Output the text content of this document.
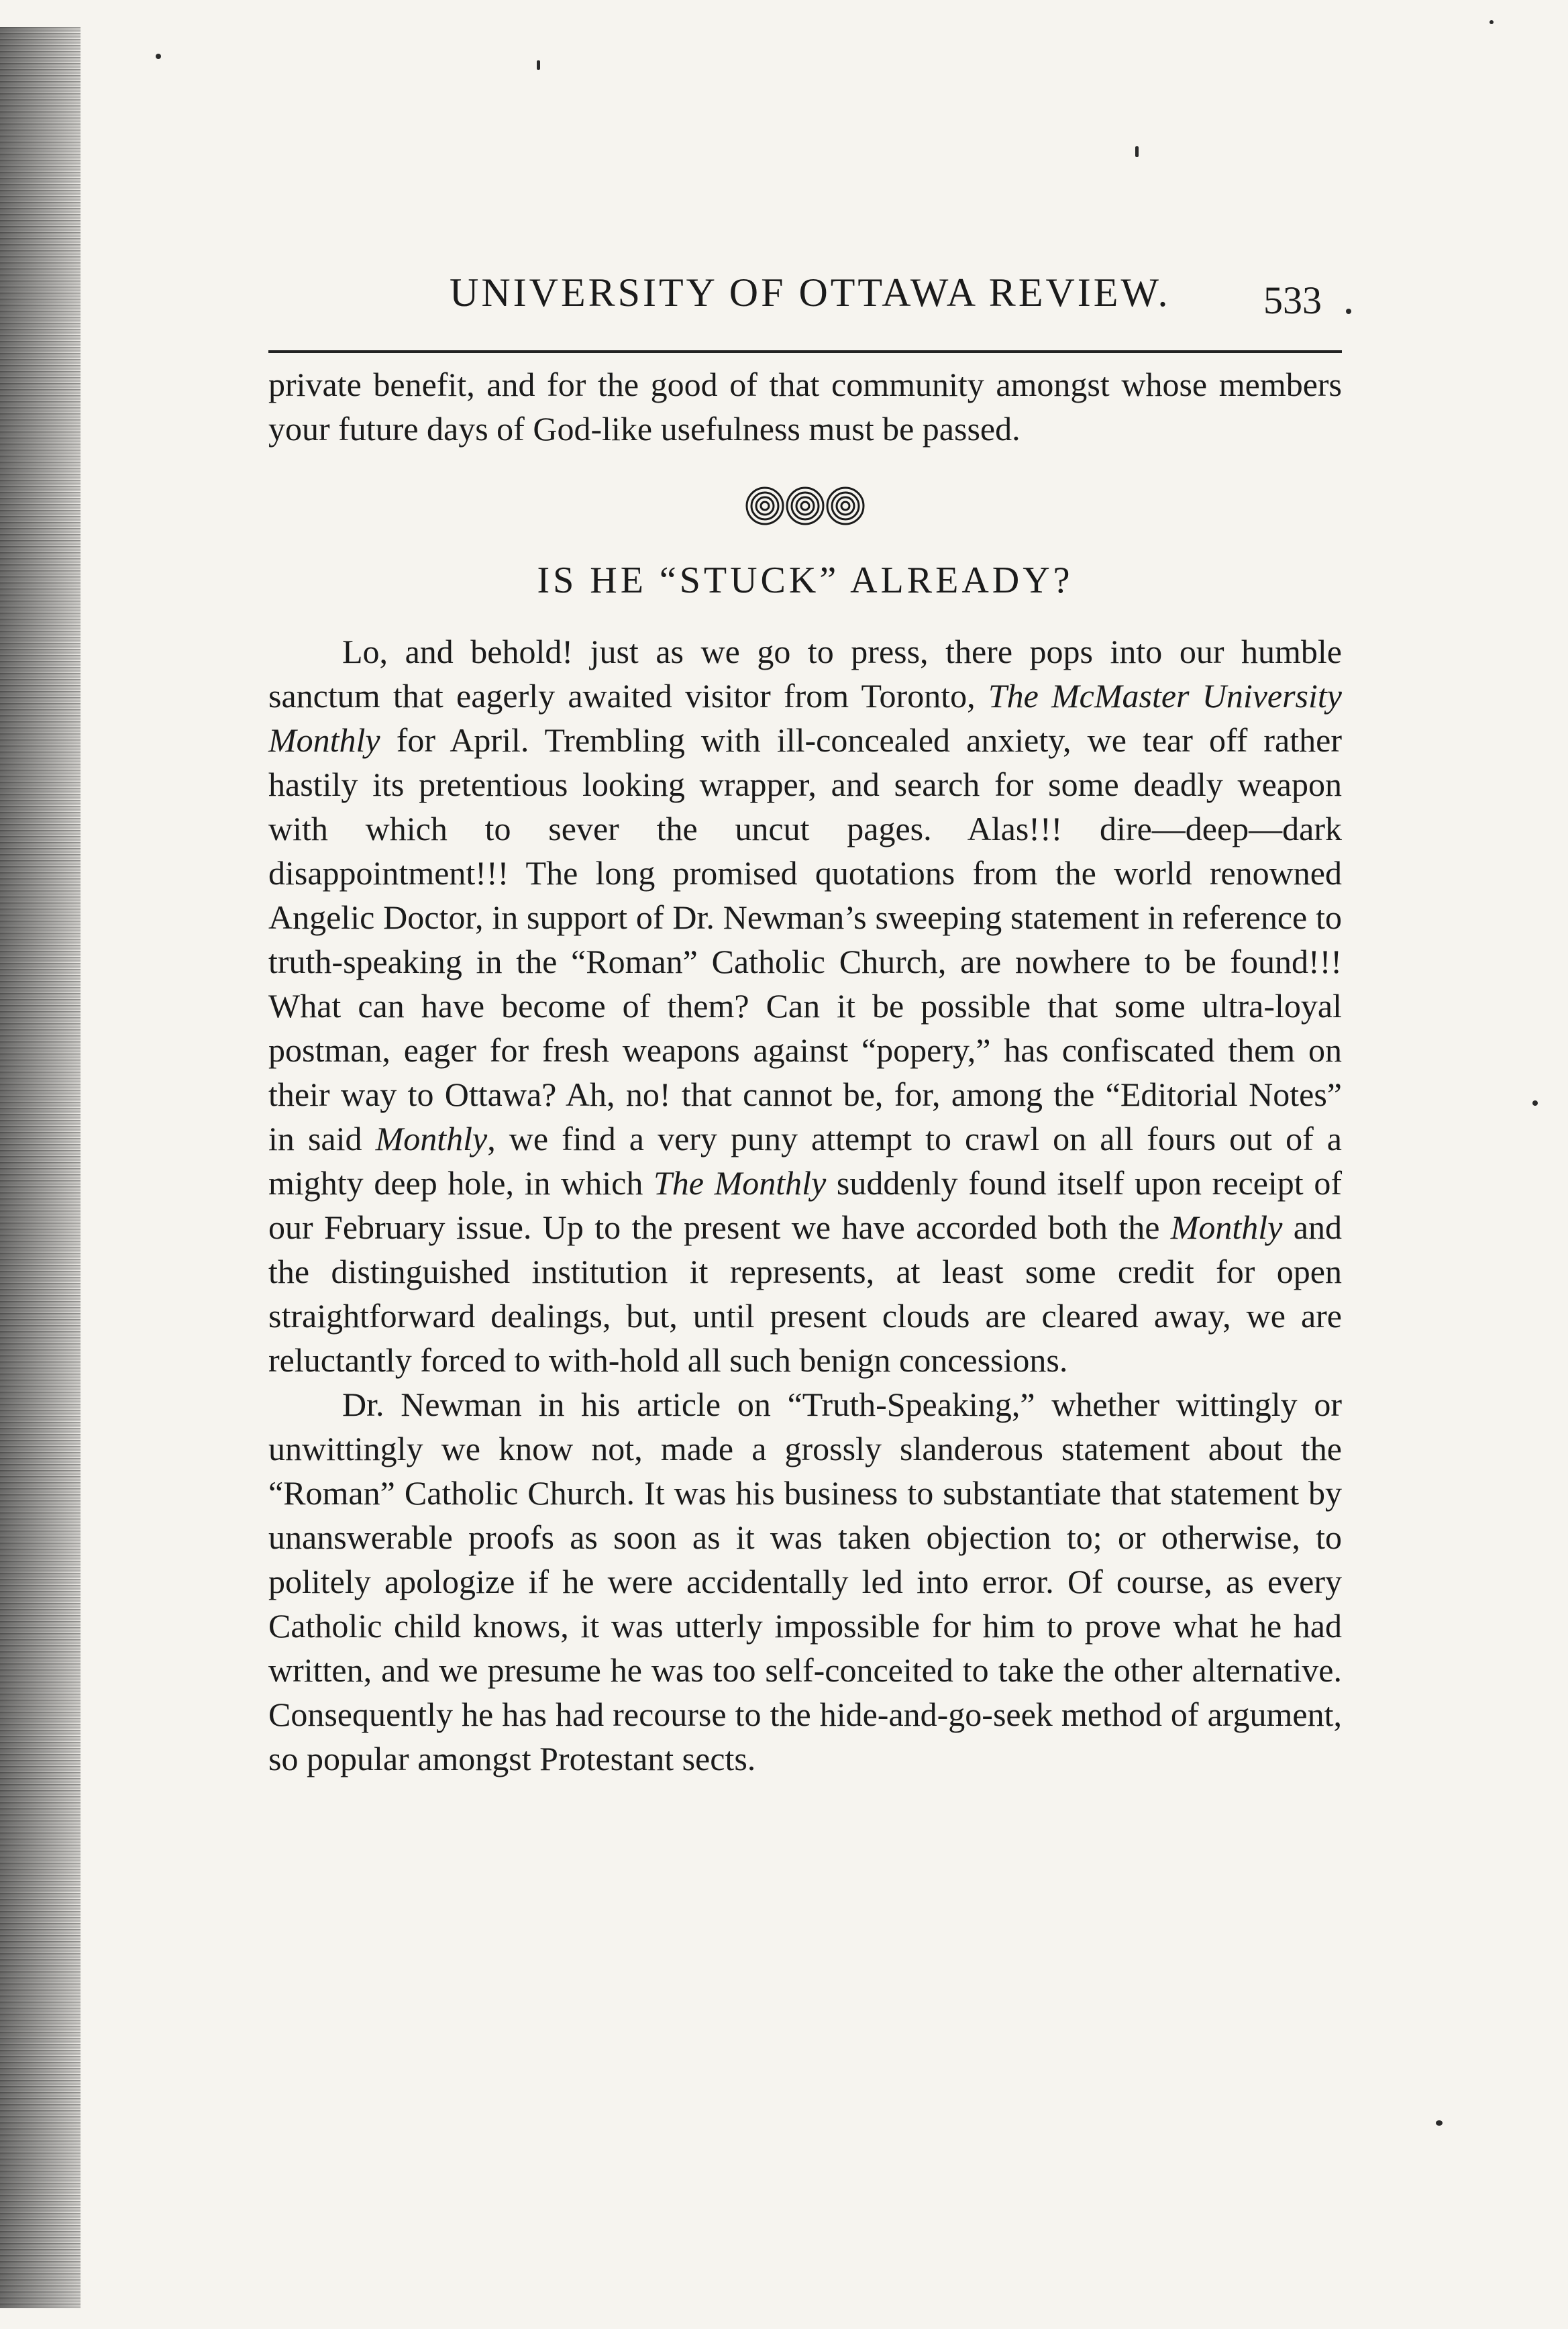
UNIVERSITY OF OTTAWA REVIEW. 533

private benefit, and for the good of that community amongst whose members your future days of God-like usefulness must be passed.

IS HE “STUCK” ALREADY?

Lo, and behold! just as we go to press, there pops into our humble sanctum that eagerly awaited visitor from Toronto, The McMaster University Monthly for April. Trembling with ill-concealed anxiety, we tear off rather hastily its pretentious looking wrapper, and search for some deadly weapon with which to sever the uncut pages. Alas!!! dire—deep—dark disappointment!!! The long promised quotations from the world renowned Angelic Doctor, in support of Dr. Newman’s sweeping statement in reference to truth-speaking in the “Roman” Catholic Church, are nowhere to be found!!! What can have become of them? Can it be possible that some ultra-loyal postman, eager for fresh weapons against “popery,” has confiscated them on their way to Ottawa? Ah, no! that cannot be, for, among the “Editorial Notes” in said Monthly, we find a very puny attempt to crawl on all fours out of a mighty deep hole, in which The Monthly suddenly found itself upon receipt of our February issue. Up to the present we have accorded both the Monthly and the distinguished institution it represents, at least some credit for open straightforward dealings, but, until present clouds are cleared away, we are reluctantly forced to with-hold all such benign concessions.

Dr. Newman in his article on “Truth-Speaking,” whether wittingly or unwittingly we know not, made a grossly slanderous statement about the “Roman” Catholic Church. It was his business to substantiate that statement by unanswerable proofs as soon as it was taken objection to; or otherwise, to politely apologize if he were accidentally led into error. Of course, as every Catholic child knows, it was utterly impossible for him to prove what he had written, and we presume he was too self-conceited to take the other alternative. Consequently he has had recourse to the hide-and-go-seek method of argument, so popular amongst Protestant sects.
